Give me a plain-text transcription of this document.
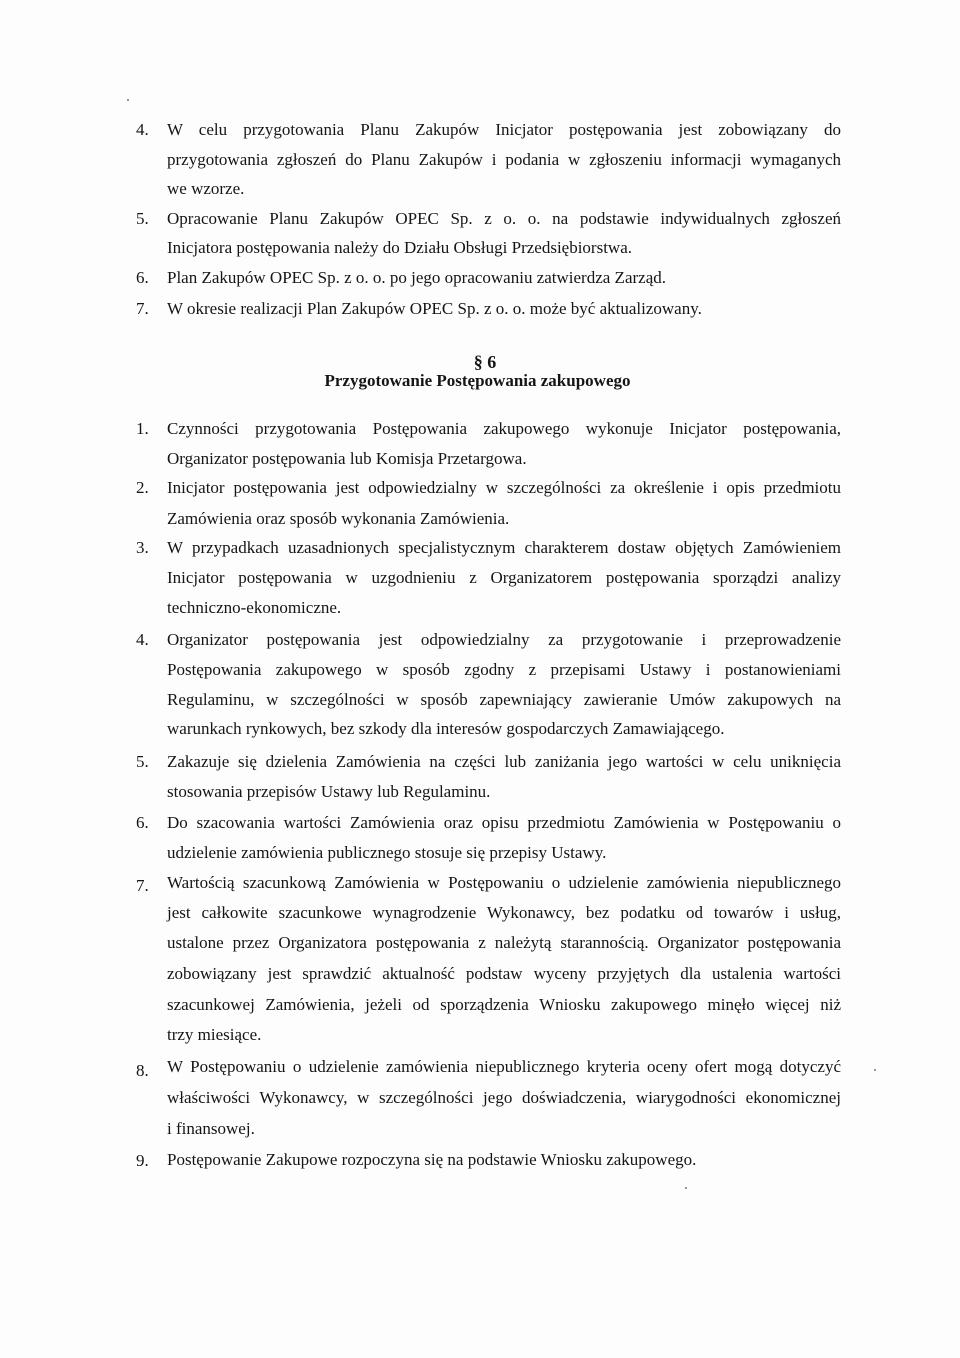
4. W celu przygotowania Planu Zakupów Inicjator postępowania jest zobowiązany do
przygotowania zgłoszeń do Planu Zakupów i podania w zgłoszeniu informacji wymaganych
we wzorze.
5. Opracowanie Planu Zakupów OPEC Sp. z o. o. na podstawie indywidualnych zgłoszeń
Inicjatora postępowania należy do Działu Obsługi Przedsiębiorstwa.
6. Plan Zakupów OPEC Sp. z o. o. po jego opracowaniu zatwierdza Zarząd.
7. W okresie realizacji Plan Zakupów OPEC Sp. z o. o. może być aktualizowany.
§ 6
Przygotowanie Postępowania zakupowego
1. Czynności przygotowania Postępowania zakupowego wykonuje Inicjator postępowania,
Organizator postępowania lub Komisja Przetargowa.
2. Inicjator postępowania jest odpowiedzialny w szczególności za określenie i opis przedmiotu
Zamówienia oraz sposób wykonania Zamówienia.
3. W przypadkach uzasadnionych specjalistycznym charakterem dostaw objętych Zamówieniem
Inicjator postępowania w uzgodnieniu z Organizatorem postępowania sporządzi analizy
techniczno-ekonomiczne.
4. Organizator postępowania jest odpowiedzialny za przygotowanie i przeprowadzenie
Postępowania zakupowego w sposób zgodny z przepisami Ustawy i postanowieniami
Regulaminu, w szczególności w sposób zapewniający zawieranie Umów zakupowych na
warunkach rynkowych, bez szkody dla interesów gospodarczych Zamawiającego.
5. Zakazuje się dzielenia Zamówienia na części lub zaniżania jego wartości w celu uniknięcia
stosowania przepisów Ustawy lub Regulaminu.
6. Do szacowania wartości Zamówienia oraz opisu przedmiotu Zamówienia w Postępowaniu o
udzielenie zamówienia publicznego stosuje się przepisy Ustawy.
7. Wartością szacunkową Zamówienia w Postępowaniu o udzielenie zamówienia niepublicznego
jest całkowite szacunkowe wynagrodzenie Wykonawcy, bez podatku od towarów i usług,
ustalone przez Organizatora postępowania z należytą starannością. Organizator postępowania
zobowiązany jest sprawdzić aktualność podstaw wyceny przyjętych dla ustalenia wartości
szacunkowej Zamówienia, jeżeli od sporządzenia Wniosku zakupowego minęło więcej niż
trzy miesiące.
8. W Postępowaniu o udzielenie zamówienia niepublicznego kryteria oceny ofert mogą dotyczyć
właściwości Wykonawcy, w szczególności jego doświadczenia, wiarygodności ekonomicznej
i finansowej.
9. Postępowanie Zakupowe rozpoczyna się na podstawie Wniosku zakupowego.
